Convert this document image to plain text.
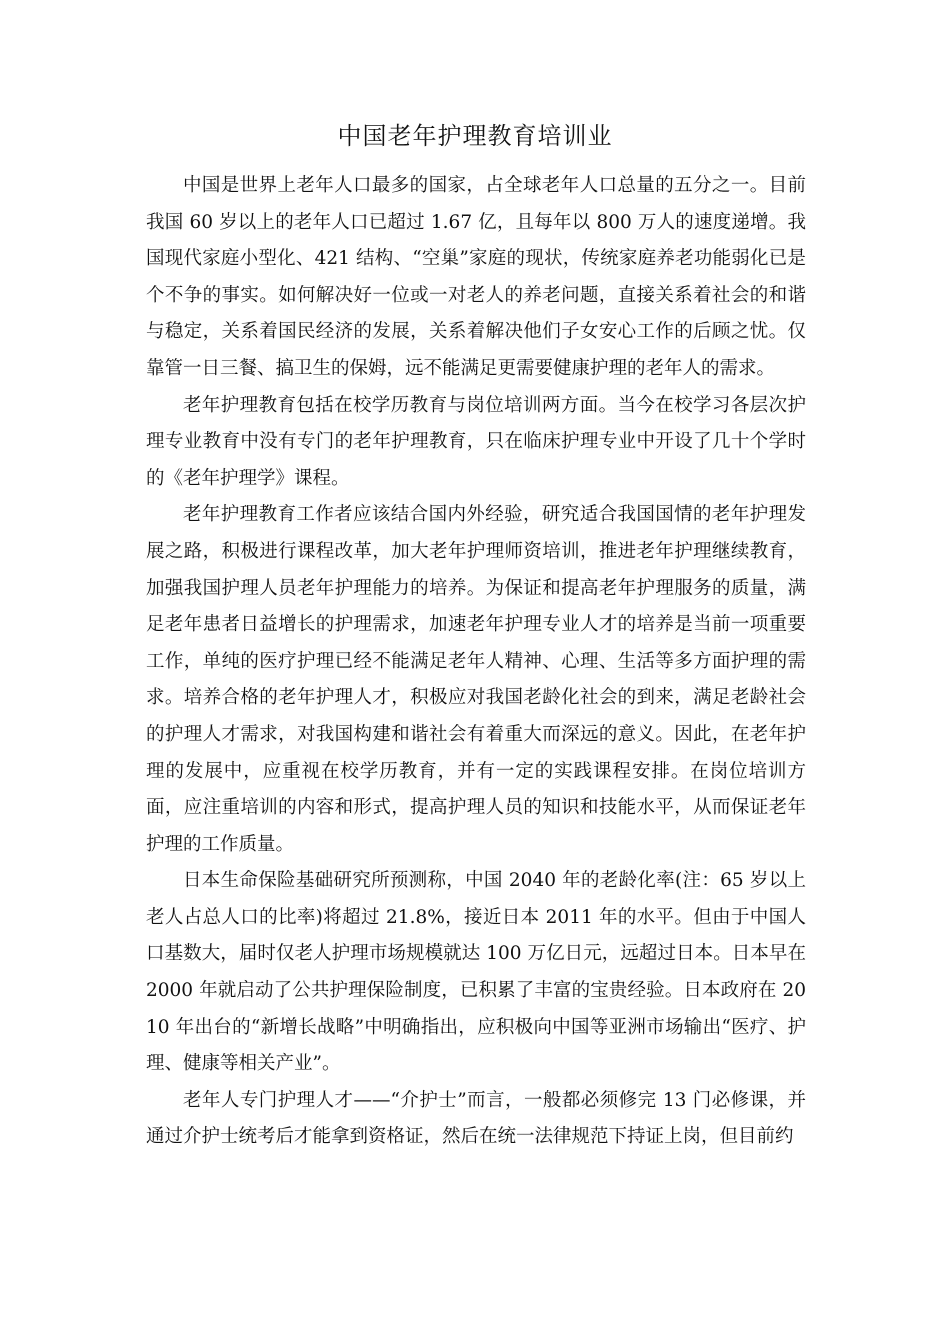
中国老年护理教育培训业

中国是世界上老年人口最多的国家，占全球老年人口总量的五分之一。目前我国 60 岁以上的老年人口已超过 1.67 亿，且每年以 800 万人的速度递增。我国现代家庭小型化、421 结构、“空巢”家庭的现状，传统家庭养老功能弱化已是个不争的事实。如何解决好一位或一对老人的养老问题，直接关系着社会的和谐与稳定，关系着国民经济的发展，关系着解决他们子女安心工作的后顾之忧。仅靠管一日三餐、搞卫生的保姆，远不能满足更需要健康护理的老年人的需求。

老年护理教育包括在校学历教育与岗位培训两方面。当今在校学习各层次护理专业教育中没有专门的老年护理教育，只在临床护理专业中开设了几十个学时的《老年护理学》课程。

老年护理教育工作者应该结合国内外经验，研究适合我国国情的老年护理发展之路，积极进行课程改革，加大老年护理师资培训，推进老年护理继续教育，加强我国护理人员老年护理能力的培养。为保证和提高老年护理服务的质量，满足老年患者日益增长的护理需求，加速老年护理专业人才的培养是当前一项重要工作，单纯的医疗护理已经不能满足老年人精神、心理、生活等多方面护理的需求。培养合格的老年护理人才，积极应对我国老龄化社会的到来，满足老龄社会的护理人才需求，对我国构建和谐社会有着重大而深远的意义。因此，在老年护理的发展中，应重视在校学历教育，并有一定的实践课程安排。在岗位培训方面，应注重培训的内容和形式，提高护理人员的知识和技能水平，从而保证老年护理的工作质量。

日本生命保险基础研究所预测称，中国 2040 年的老龄化率(注：65 岁以上老人占总人口的比率)将超过 21.8%，接近日本 2011 年的水平。但由于中国人口基数大，届时仅老人护理市场规模就达 100 万亿日元，远超过日本。日本早在 2000 年就启动了公共护理保险制度，已积累了丰富的宝贵经验。日本政府在 2010 年出台的“新增长战略”中明确指出，应积极向中国等亚洲市场输出“医疗、护理、健康等相关产业”。

老年人专门护理人才——“介护士”而言，一般都必须修完 13 门必修课，并通过介护士统考后才能拿到资格证，然后在统一法律规范下持证上岗，但目前约
